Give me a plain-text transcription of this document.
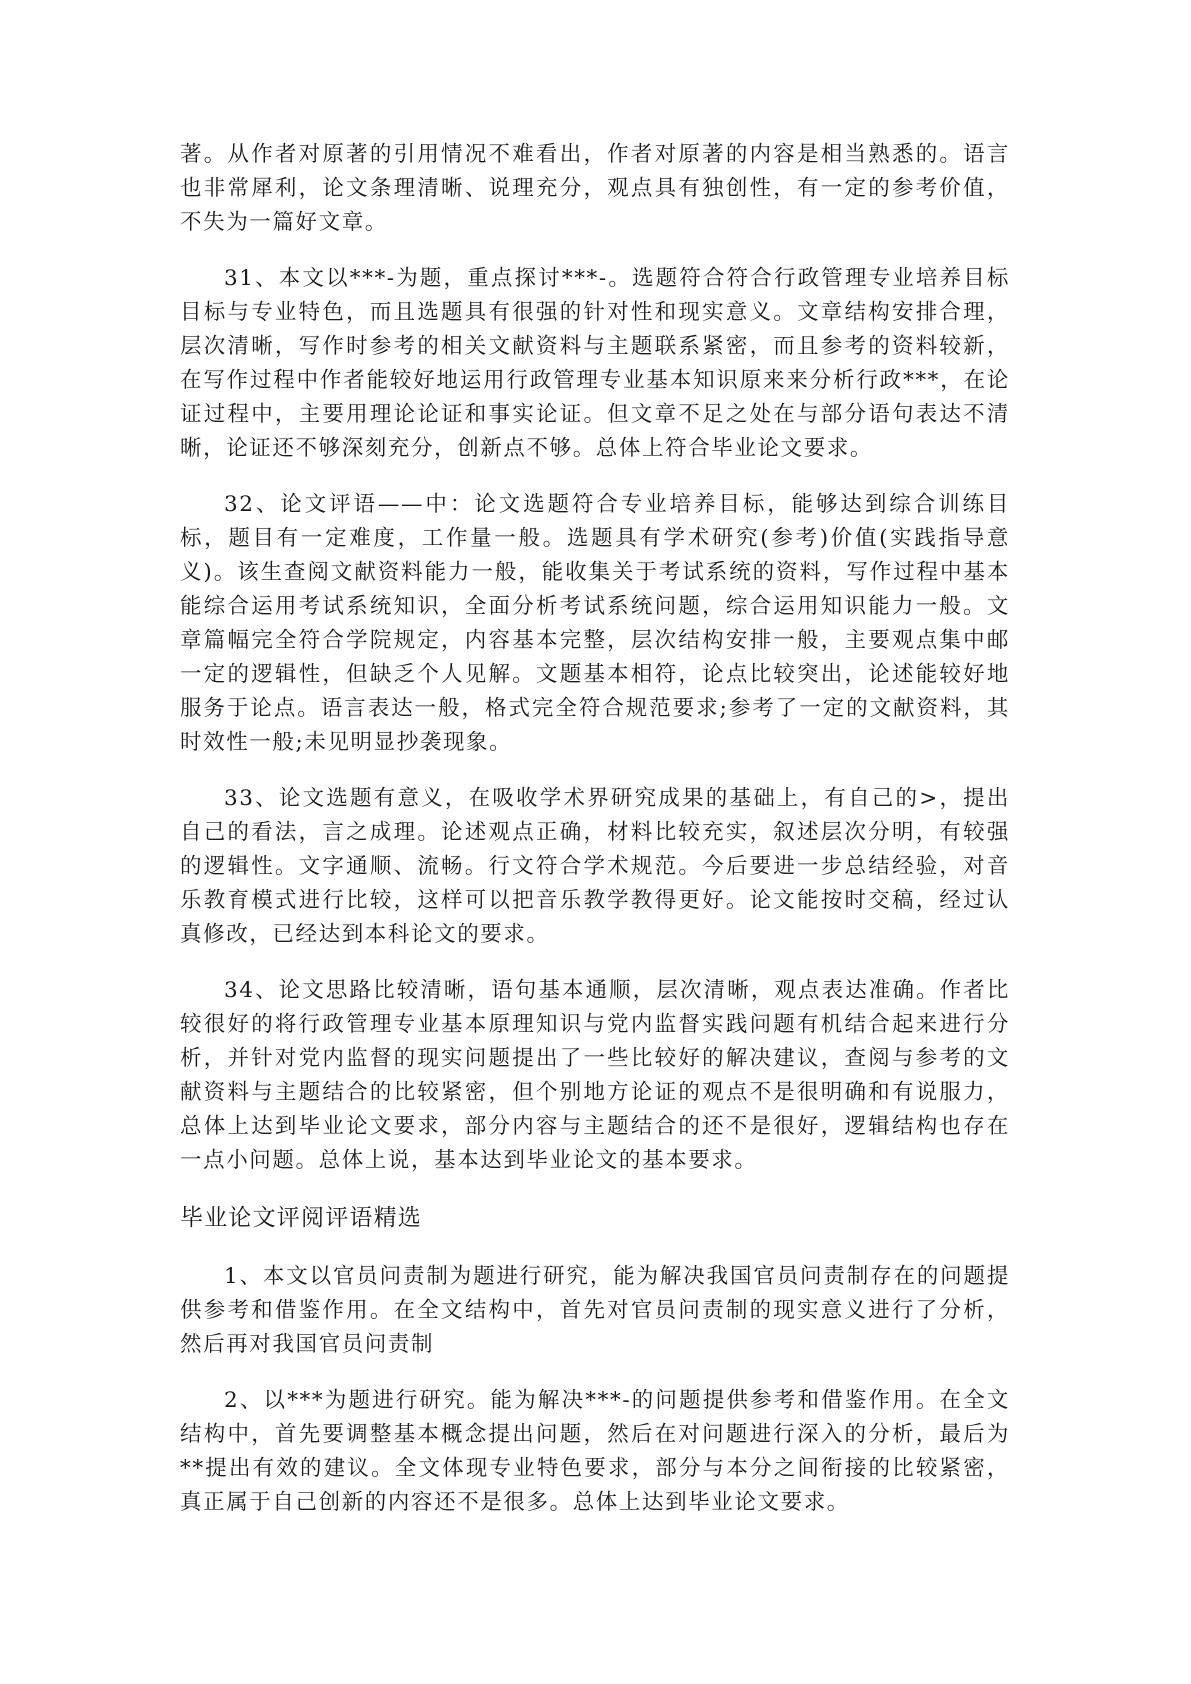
著。从作者对原著的引用情况不难看出，作者对原著的内容是相当熟悉的。语言也非常犀利，论文条理清晰、说理充分，观点具有独创性，有一定的参考价值，不失为一篇好文章。

31、本文以***-为题，重点探讨***-。选题符合符合行政管理专业培养目标目标与专业特色，而且选题具有很强的针对性和现实意义。文章结构安排合理，层次清晰，写作时参考的相关文献资料与主题联系紧密，而且参考的资料较新，在写作过程中作者能较好地运用行政管理专业基本知识原来来分析行政***，在论证过程中，主要用理论论证和事实论证。但文章不足之处在与部分语句表达不清晰，论证还不够深刻充分，创新点不够。总体上符合毕业论文要求。

32、论文评语——中：论文选题符合专业培养目标，能够达到综合训练目标，题目有一定难度，工作量一般。选题具有学术研究(参考)价值(实践指导意义)。该生查阅文献资料能力一般，能收集关于考试系统的资料，写作过程中基本能综合运用考试系统知识，全面分析考试系统问题，综合运用知识能力一般。文章篇幅完全符合学院规定，内容基本完整，层次结构安排一般，主要观点集中邮一定的逻辑性，但缺乏个人见解。文题基本相符，论点比较突出，论述能较好地服务于论点。语言表达一般，格式完全符合规范要求;参考了一定的文献资料，其时效性一般;未见明显抄袭现象。

33、论文选题有意义，在吸收学术界研究成果的基础上，有自己的>，提出自己的看法，言之成理。论述观点正确，材料比较充实，叙述层次分明，有较强的逻辑性。文字通顺、流畅。行文符合学术规范。今后要进一步总结经验，对音乐教育模式进行比较，这样可以把音乐教学教得更好。论文能按时交稿，经过认真修改，已经达到本科论文的要求。

34、论文思路比较清晰，语句基本通顺，层次清晰，观点表达准确。作者比较很好的将行政管理专业基本原理知识与党内监督实践问题有机结合起来进行分析，并针对党内监督的现实问题提出了一些比较好的解决建议，查阅与参考的文献资料与主题结合的比较紧密，但个别地方论证的观点不是很明确和有说服力，总体上达到毕业论文要求，部分内容与主题结合的还不是很好，逻辑结构也存在一点小问题。总体上说，基本达到毕业论文的基本要求。

毕业论文评阅评语精选

1、本文以官员问责制为题进行研究，能为解决我国官员问责制存在的问题提供参考和借鉴作用。在全文结构中，首先对官员问责制的现实意义进行了分析，然后再对我国官员问责制

2、以***为题进行研究。能为解决***-的问题提供参考和借鉴作用。在全文结构中，首先要调整基本概念提出问题，然后在对问题进行深入的分析，最后为**提出有效的建议。全文体现专业特色要求，部分与本分之间衔接的比较紧密，真正属于自己创新的内容还不是很多。总体上达到毕业论文要求。
